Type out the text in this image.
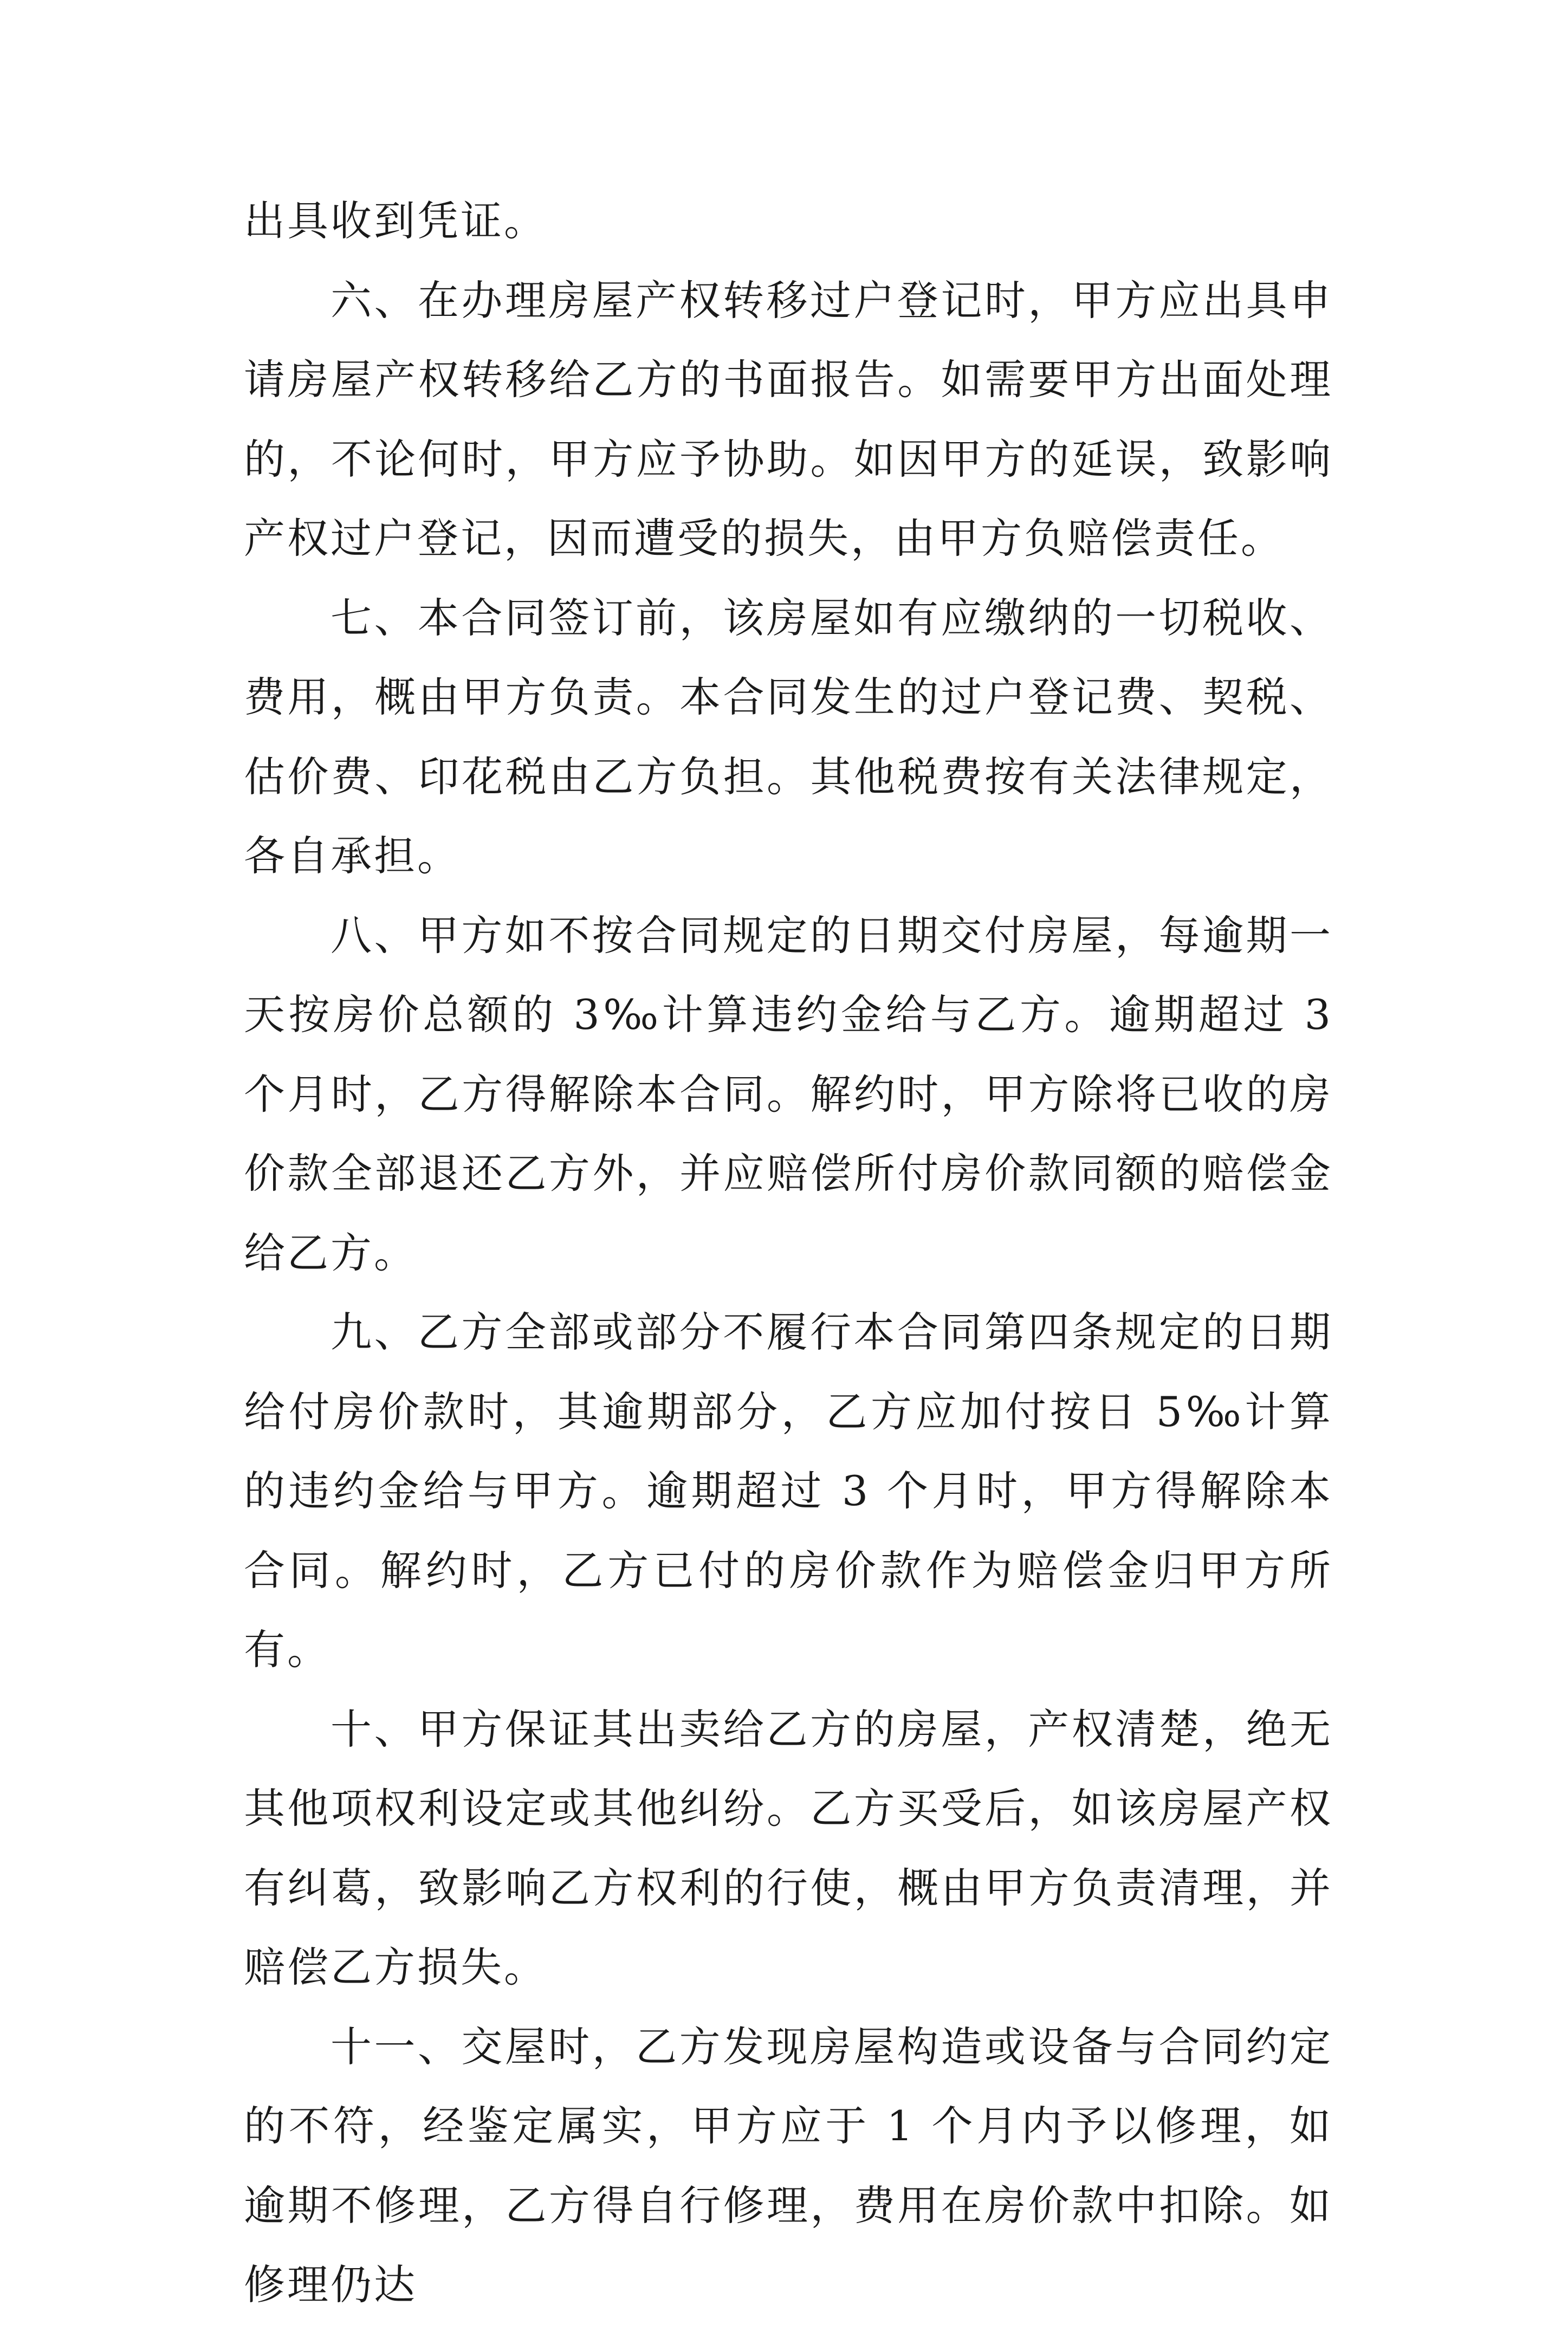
出具收到凭证。

六、在办理房屋产权转移过户登记时，甲方应出具申请房屋产权转移给乙方的书面报告。如需要甲方出面处理的，不论何时，甲方应予协助。如因甲方的延误，致影响产权过户登记，因而遭受的损失，由甲方负赔偿责任。

七、本合同签订前，该房屋如有应缴纳的一切税收、费用，概由甲方负责。本合同发生的过户登记费、契税、估价费、印花税由乙方负担。其他税费按有关法律规定，各自承担。

八、甲方如不按合同规定的日期交付房屋，每逾期一天按房价总额的 3‰计算违约金给与乙方。逾期超过 3 个月时，乙方得解除本合同。解约时，甲方除将已收的房价款全部退还乙方外，并应赔偿所付房价款同额的赔偿金给乙方。

九、乙方全部或部分不履行本合同第四条规定的日期给付房价款时，其逾期部分，乙方应加付按日 5‰计算的违约金给与甲方。逾期超过 3 个月时，甲方得解除本合同。解约时，乙方已付的房价款作为赔偿金归甲方所有。

十、甲方保证其出卖给乙方的房屋，产权清楚，绝无其他项权利设定或其他纠纷。乙方买受后，如该房屋产权有纠葛，致影响乙方权利的行使，概由甲方负责清理，并赔偿乙方损失。

十一、交屋时，乙方发现房屋构造或设备与合同约定的不符，经鉴定属实，甲方应于 1 个月内予以修理，如逾期不修理，乙方得自行修理，费用在房价款中扣除。如修理仍达
